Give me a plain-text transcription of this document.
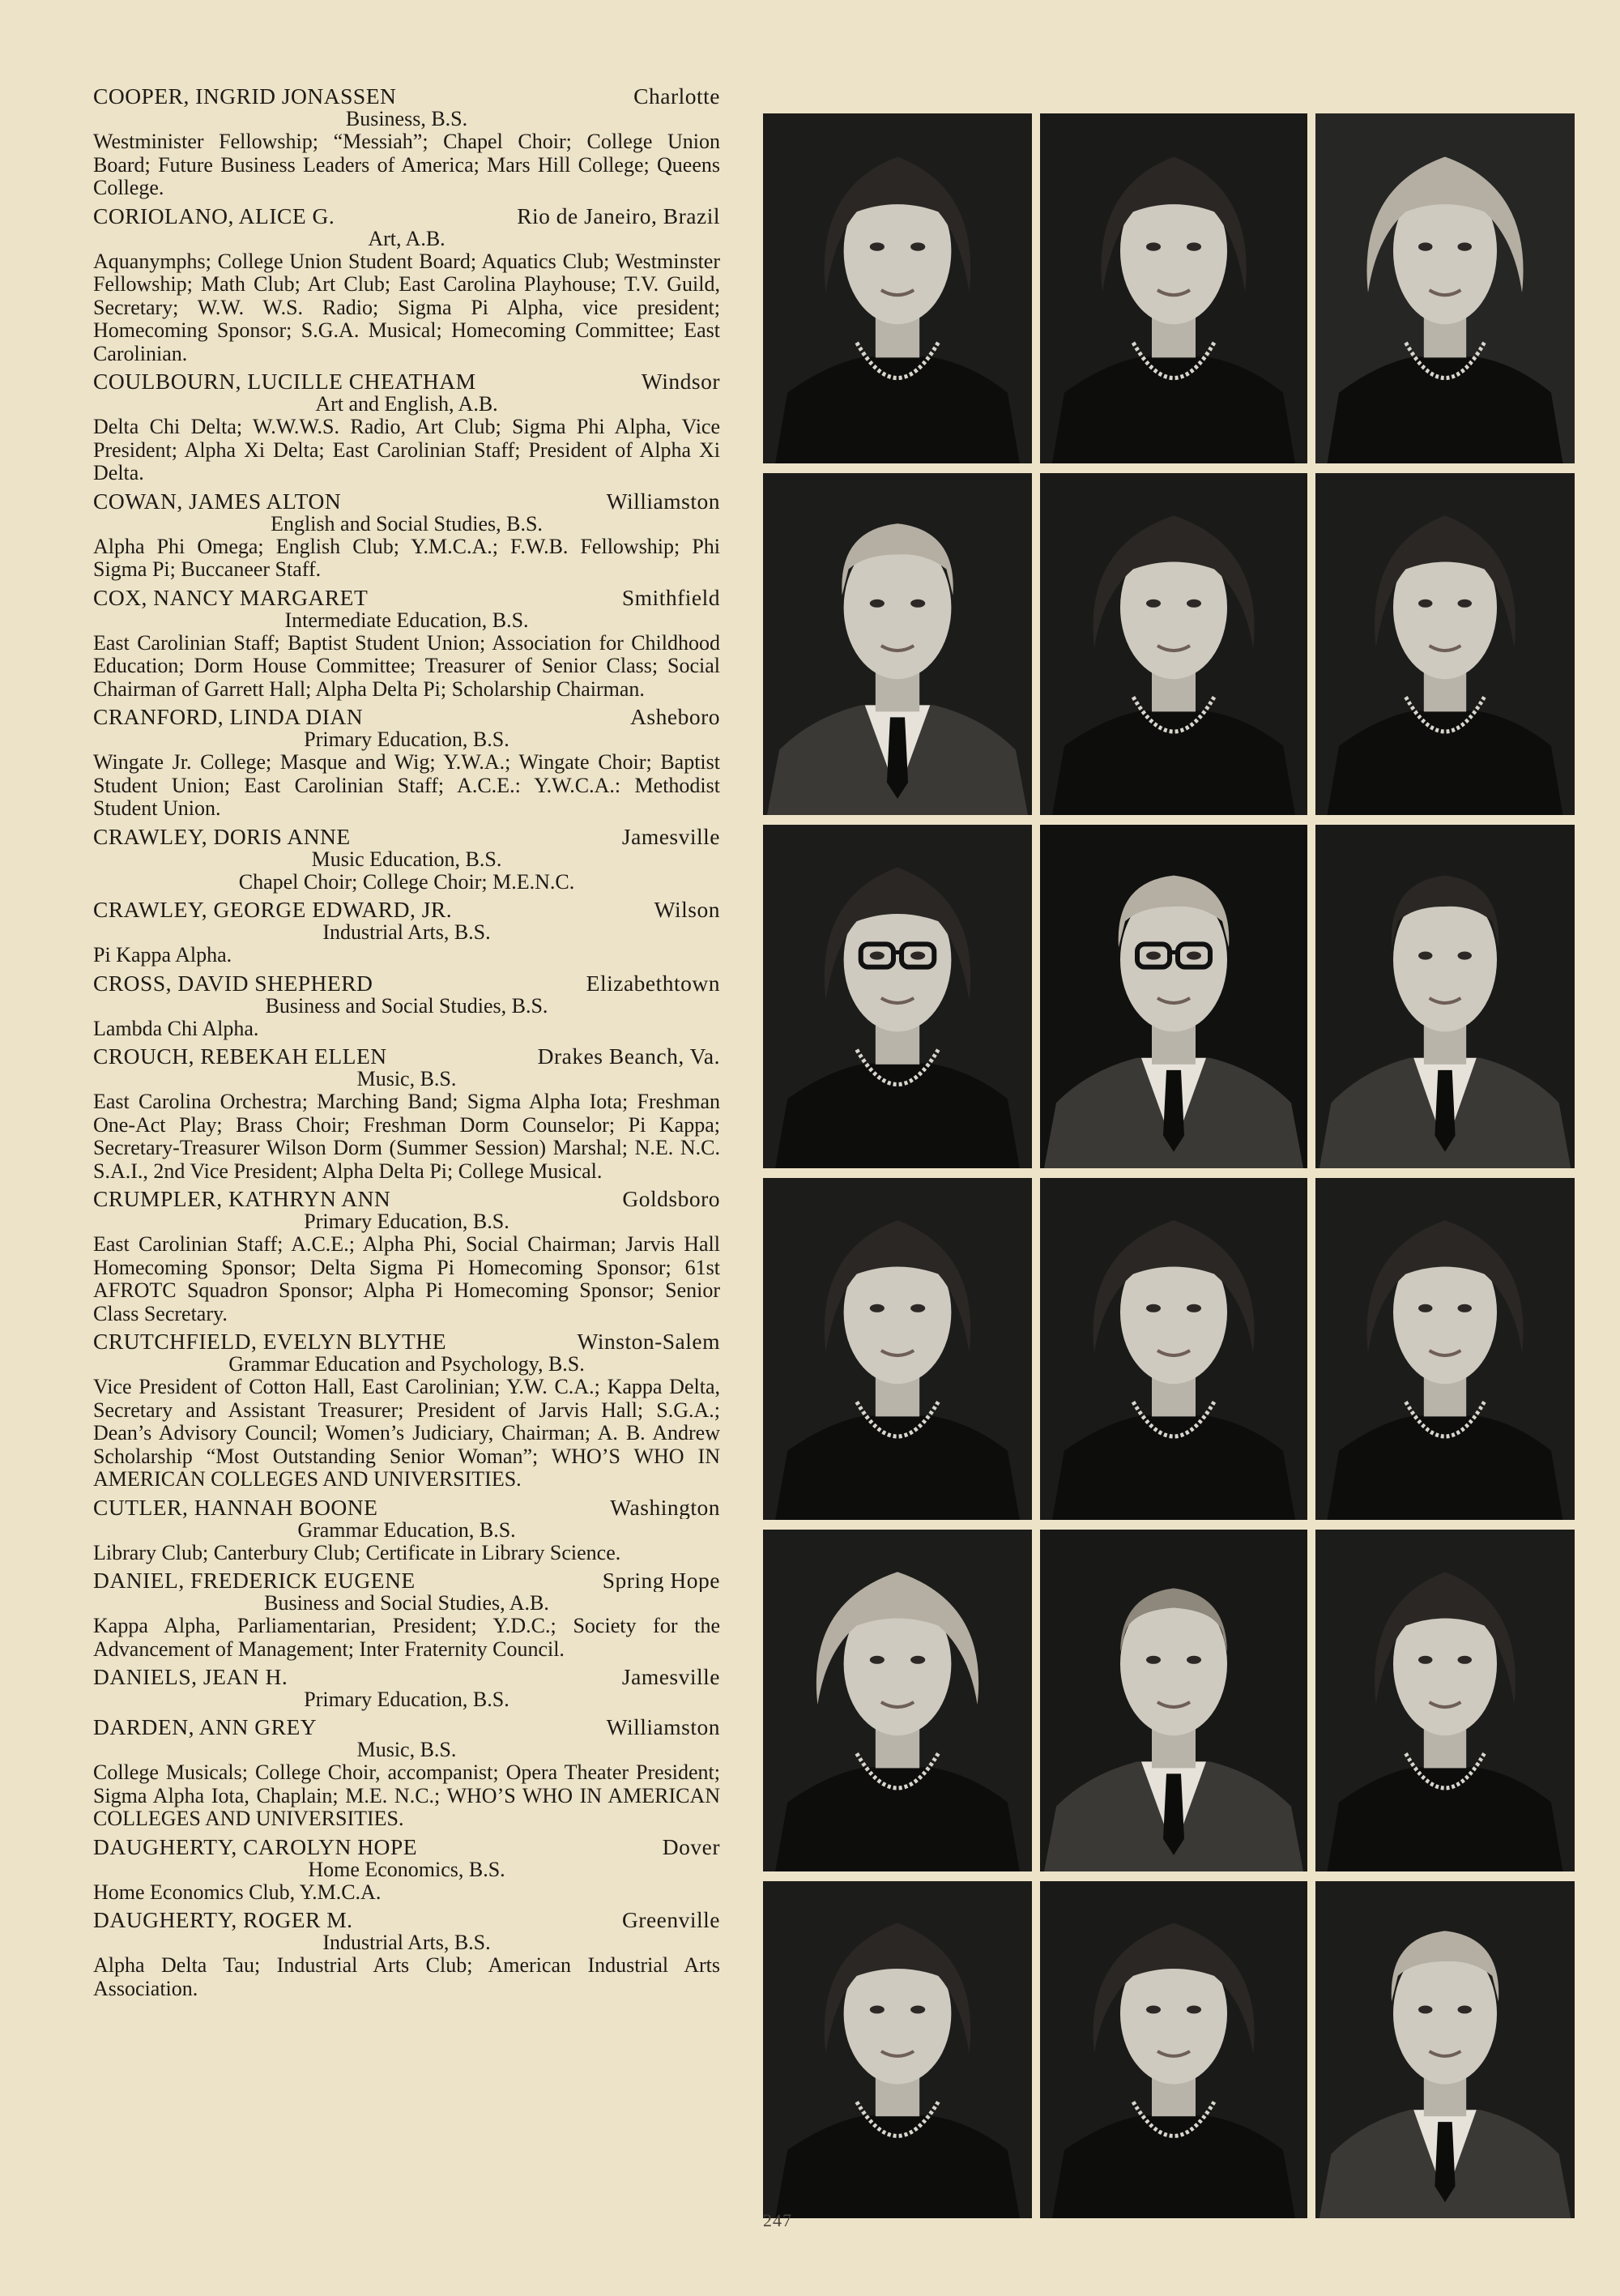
COOPER, INGRID JONASSEN	Charlotte
Business, B.S.
Westminister Fellowship; “Messiah”; Chapel Choir; College Union Board; Future Business Leaders of America; Mars Hill College; Queens College.
CORIOLANO, ALICE G.	Rio de Janeiro, Brazil
Art, A.B.
Aquanymphs; College Union Student Board; Aquatics Club; Westminster Fellowship; Math Club; Art Club; East Carolina Playhouse; T.V. Guild, Secretary; W.W. W.S. Radio; Sigma Pi Alpha, vice president; Homecoming Sponsor; S.G.A. Musical; Homecoming Committee; East Carolinian.
COULBOURN, LUCILLE CHEATHAM	Windsor
Art and English, A.B.
Delta Chi Delta; W.W.W.S. Radio, Art Club; Sigma Phi Alpha, Vice President; Alpha Xi Delta; East Carolinian Staff; President of Alpha Xi Delta.
COWAN, JAMES ALTON	Williamston
English and Social Studies, B.S.
Alpha Phi Omega; English Club; Y.M.C.A.; F.W.B. Fellowship; Phi Sigma Pi; Buccaneer Staff.
COX, NANCY MARGARET	Smithfield
Intermediate Education, B.S.
East Carolinian Staff; Baptist Student Union; Association for Childhood Education; Dorm House Committee; Treasurer of Senior Class; Social Chairman of Garrett Hall; Alpha Delta Pi; Scholarship Chairman.
CRANFORD, LINDA DIAN	Asheboro
Primary Education, B.S.
Wingate Jr. College; Masque and Wig; Y.W.A.; Wingate Choir; Baptist Student Union; East Carolinian Staff; A.C.E.: Y.W.C.A.: Methodist Student Union.
CRAWLEY, DORIS ANNE	Jamesville
Music Education, B.S.
Chapel Choir; College Choir; M.E.N.C.
CRAWLEY, GEORGE EDWARD, JR.	Wilson
Industrial Arts, B.S.
Pi Kappa Alpha.
CROSS, DAVID SHEPHERD	Elizabethtown
Business and Social Studies, B.S.
Lambda Chi Alpha.
CROUCH, REBEKAH ELLEN	Drakes Beanch, Va.
Music, B.S.
East Carolina Orchestra; Marching Band; Sigma Alpha Iota; Freshman One-Act Play; Brass Choir; Freshman Dorm Counselor; Pi Kappa; Secretary-Treasurer Wilson Dorm (Summer Session) Marshal; N.E. N.C. S.A.I., 2nd Vice President; Alpha Delta Pi; College Musical.
CRUMPLER, KATHRYN ANN	Goldsboro
Primary Education, B.S.
East Carolinian Staff; A.C.E.; Alpha Phi, Social Chairman; Jarvis Hall Homecoming Sponsor; Delta Sigma Pi Homecoming Sponsor; 61st AFROTC Squadron Sponsor; Alpha Pi Homecoming Sponsor; Senior Class Secretary.
CRUTCHFIELD, EVELYN BLYTHE	Winston-Salem
Grammar Education and Psychology, B.S.
Vice President of Cotton Hall, East Carolinian; Y.W. C.A.; Kappa Delta, Secretary and Assistant Treasurer; President of Jarvis Hall; S.G.A.; Dean’s Advisory Council; Women’s Judiciary, Chairman; A. B. Andrew Scholarship “Most Outstanding Senior Woman”; WHO’S WHO IN AMERICAN COLLEGES AND UNIVERSITIES.
CUTLER, HANNAH BOONE	Washington
Grammar Education, B.S.
Library Club; Canterbury Club; Certificate in Library Science.
DANIEL, FREDERICK EUGENE	Spring Hope
Business and Social Studies, A.B.
Kappa Alpha, Parliamentarian, President; Y.D.C.; Society for the Advancement of Management; Inter Fraternity Council.
DANIELS, JEAN H.	Jamesville
Primary Education, B.S.
DARDEN, ANN GREY	Williamston
Music, B.S.
College Musicals; College Choir, accompanist; Opera Theater President; Sigma Alpha Iota, Chaplain; M.E. N.C.; WHO’S WHO IN AMERICAN COLLEGES AND UNIVERSITIES.
DAUGHERTY, CAROLYN HOPE	Dover
Home Economics, B.S.
Home Economics Club, Y.M.C.A.
DAUGHERTY, ROGER M.	Greenville
Industrial Arts, B.S.
Alpha Delta Tau; Industrial Arts Club; American Industrial Arts Association.
247
